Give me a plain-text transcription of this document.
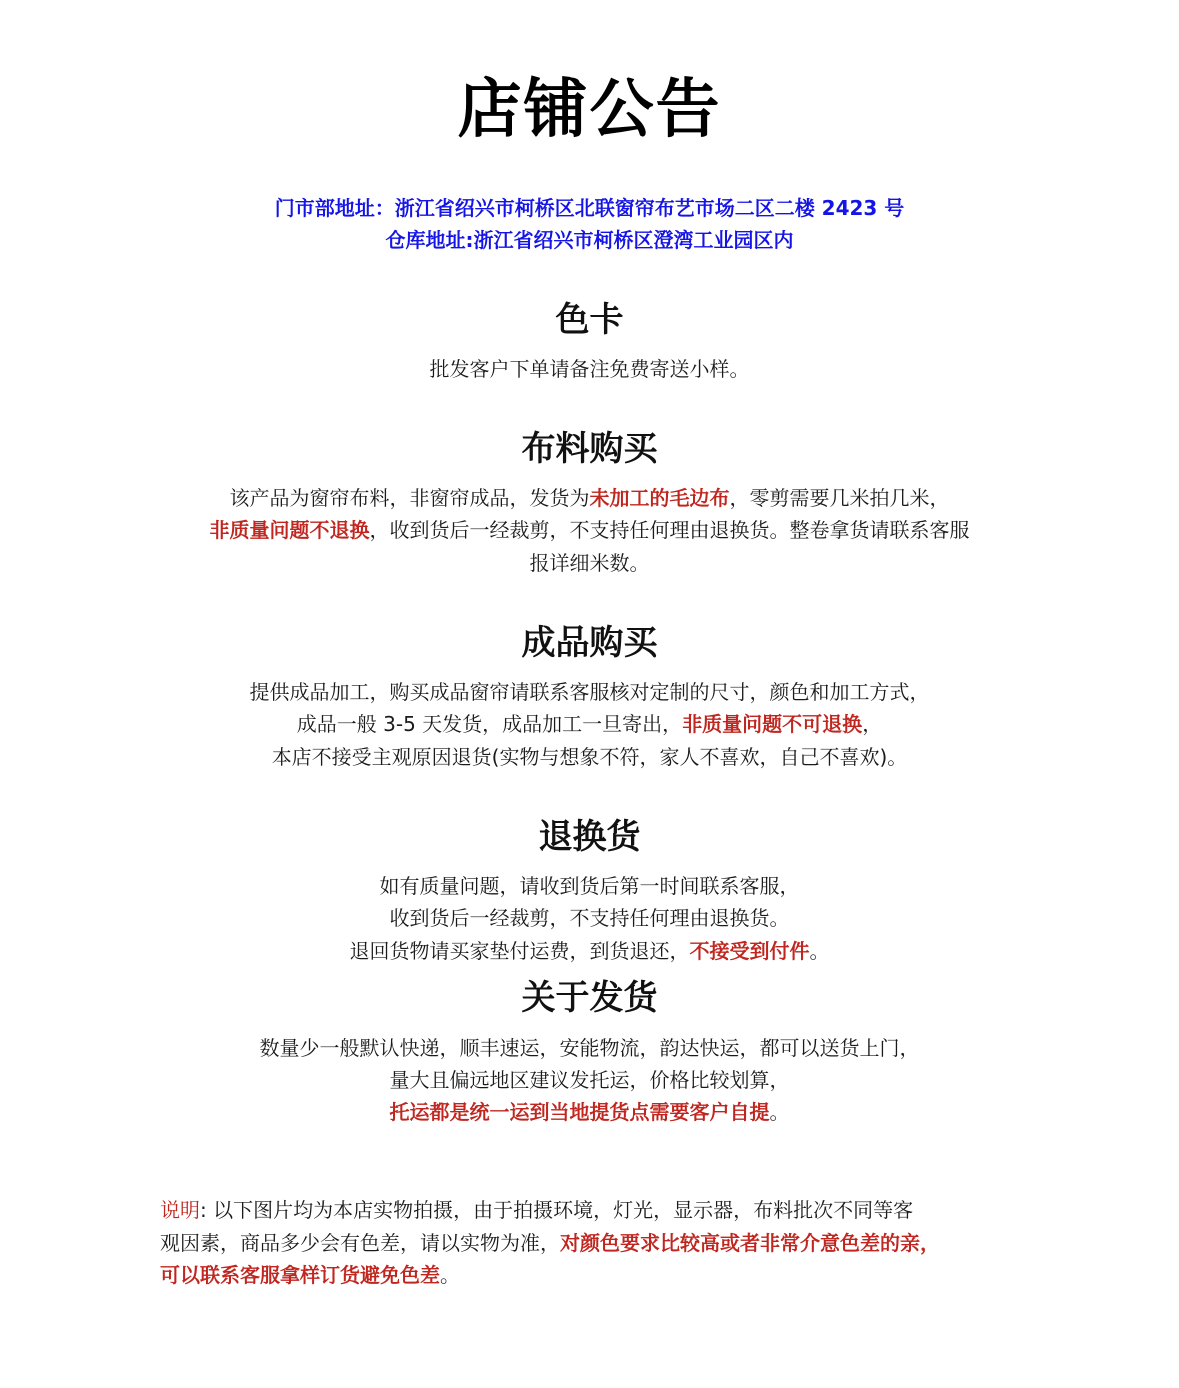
店铺公告
门市部地址：浙江省绍兴市柯桥区北联窗帘布艺市场二区二楼 2423 号
仓库地址:浙江省绍兴市柯桥区澄湾工业园区内
色卡
批发客户下单请备注免费寄送小样。
布料购买
该产品为窗帘布料，非窗帘成品，发货为未加工的毛边布，零剪需要几米拍几米，
非质量问题不退换，收到货后一经裁剪，不支持任何理由退换货。整卷拿货请联系客服
报详细米数。
成品购买
提供成品加工，购买成品窗帘请联系客服核对定制的尺寸，颜色和加工方式，
成品一般 3-5 天发货，成品加工一旦寄出，非质量问题不可退换，
本店不接受主观原因退货(实物与想象不符，家人不喜欢，自己不喜欢)。
退换货
如有质量问题，请收到货后第一时间联系客服，
收到货后一经裁剪，不支持任何理由退换货。
退回货物请买家垫付运费，到货退还，不接受到付件。
关于发货
数量少一般默认快递，顺丰速运，安能物流，韵达快运，都可以送货上门，
量大且偏远地区建议发托运，价格比较划算，
托运都是统一运到当地提货点需要客户自提。
说明: 以下图片均为本店实物拍摄，由于拍摄环境，灯光，显示器，布料批次不同等客
观因素，商品多少会有色差，请以实物为准，对颜色要求比较高或者非常介意色差的亲，
可以联系客服拿样订货避免色差。
